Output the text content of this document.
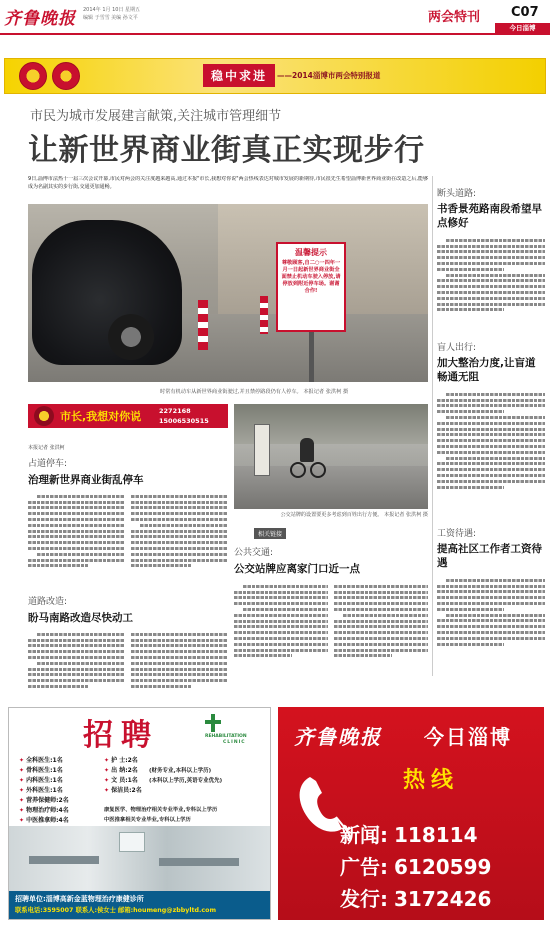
齐鲁晚报 2014年 1月 10日 星期五
编辑 于雪雪 美编 孙文平	两会特刊 C07
今日淄博
稳中求进	——2014淄博市两会特别报道
市民为城市发展建言献策,关注城市管理细节
让新世界商业街真正实现步行
9日,淄博市法热十一届三次会议开幕,市民对两会的关注度越来越高,通过本报"市长,我想对你说"两会热线表达对城市发展的新期待,市民很先生希望淄博新世界商业街在改造之后,能够成为名副其实的步行街,交通更加通畅。
温馨提示
尊敬顾客,自二○一四年一月一日起新世界商业街全面禁止机动车驶入停放,请停放到附近停车场。谢谢合作!
时常有机动车从新世界商业街驶过,并且禁停路段仍有人停车。 本报记者 张洪柯 摄
市长,我想对你说	2272168
15006530515
本报记者 张洪柯
占道停车:
治理新世界商业街乱停车
道路改造:
盼马南路改造尽快动工
公交站牌的设置要更多考虑到百姓出行方便。 本报记者 张洪柯 摄
相关链接
公共交通:
公交站牌应离家门口近一点
断头道路:
书香景苑路南段希望早点修好
盲人出行:
加大整治力度,让盲道畅通无阻
工资待遇:
提高社区工作者工资待遇
招聘	REHABILITATION
CLINIC
✦ 全科医生:1名
✦ 骨科医生:1名
✦ 内科医生:1名
✦ 外科医生:1名
✦ 营养保健师:2名
✦ 物理治疗师:4名
✦ 中医推拿师:4名
✦ 护 士:2名
✦ 出 纳:2名
✦ 文 员:1名
✦ 保洁员:2名
(财务专业,本科以上学历)
(本科以上学历,英语专业优先)
康复医学、物理治疗相关专业毕业,专科以上学历
中医推拿相关专业毕业,专科以上学历
招聘单位:淄博高新金蓝物理治疗康健诊所
联系电话:3595007 联系人:侯女士 邮箱:houmeng@zbbyltd.com
齐鲁晚报 今日淄博
热线
新闻: 118114
广告: 6120599
发行: 3172426
